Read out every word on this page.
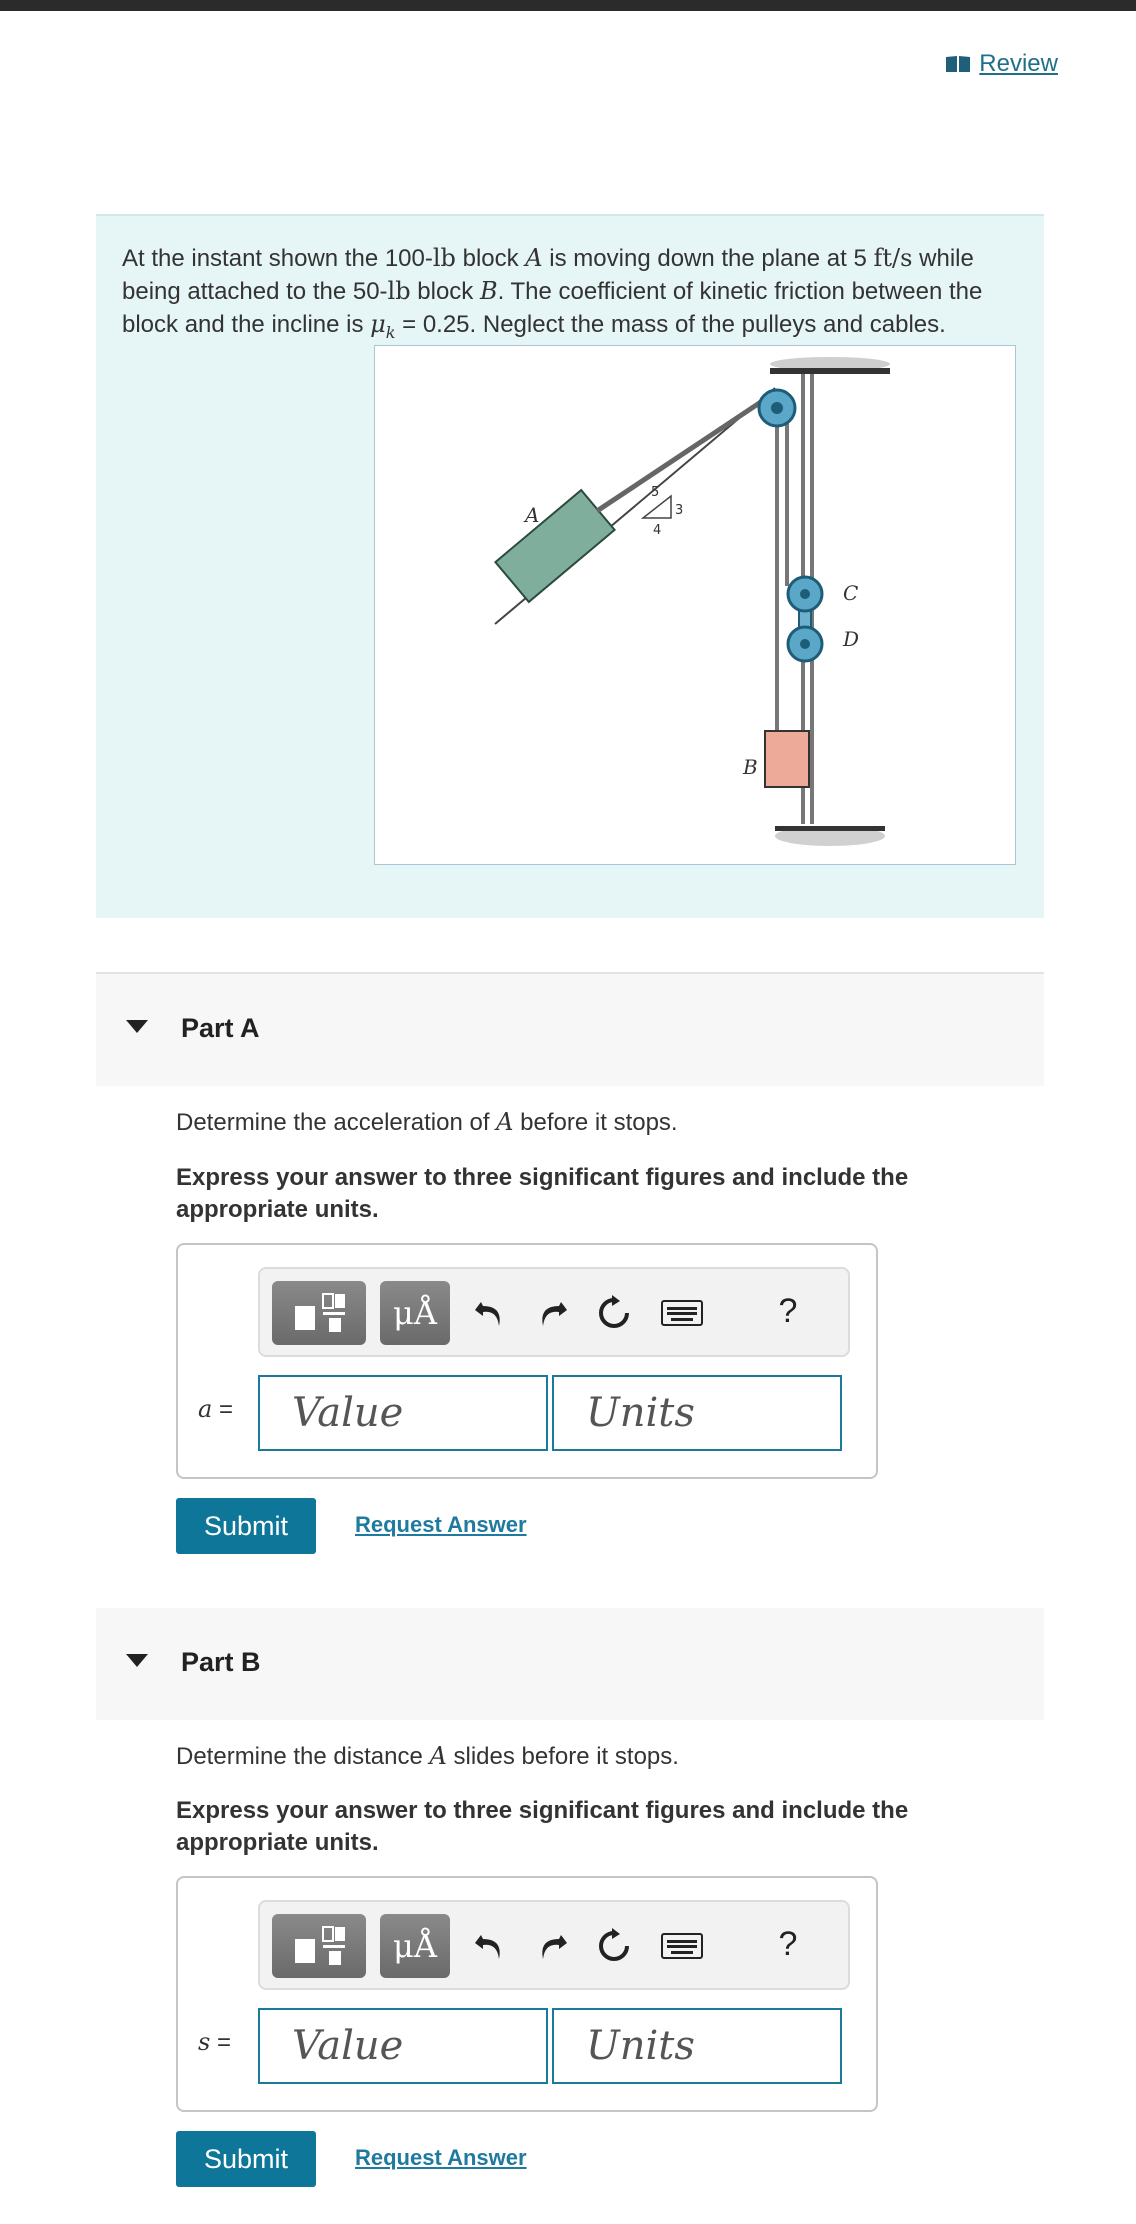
Review
At the instant shown the 100-lb block A is moving down the plane at 5 ft/s while being attached to the 50-lb block B. The coefficient of kinetic friction between the block and the incline is $\mu_k = 0.25$. Neglect the mass of the pulleys and cables.
A
B
C
D
5
3
4
Part A
Determine the acceleration of A before it stops.
Express your answer to three significant figures and include the appropriate units.
μÅ	?
a =	Value	Units
Submit	Request Answer
Part B
Determine the distance A slides before it stops.
Express your answer to three significant figures and include the appropriate units.
μÅ	?
s =	Value	Units
Submit	Request Answer
